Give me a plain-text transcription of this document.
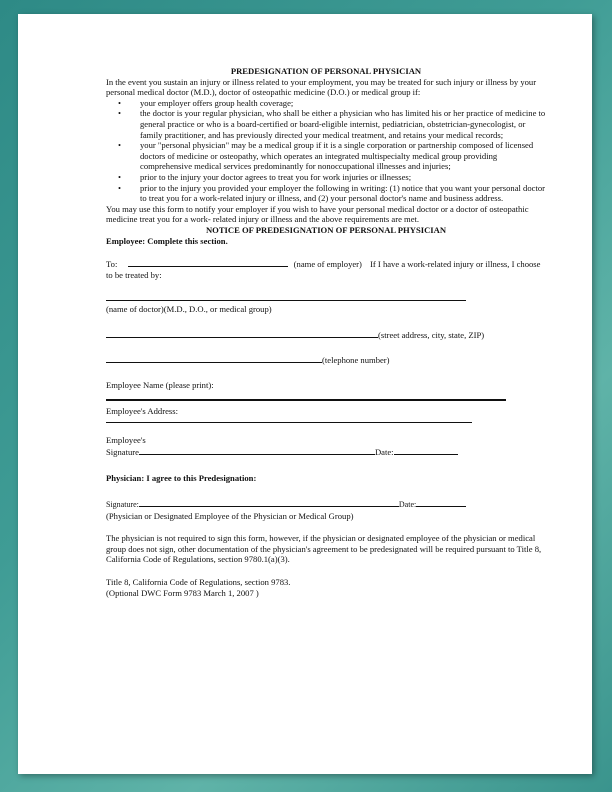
PREDESIGNATION OF PERSONAL PHYSICIAN

In the event you sustain an injury or illness related to your employment, you may be treated for such injury or illness by your personal medical doctor (M.D.), doctor of osteopathic medicine (D.O.) or medical group if:

• your employer offers group health coverage;
• the doctor is your regular physician, who shall be either a physician who has limited his or her practice of medicine to general practice or who is a board-certified or board-eligible internist, pediatrician, obstetrician-gynecologist, or family practitioner, and has previously directed your medical treatment, and retains your medical records;
• your "personal physician" may be a medical group if it is a single corporation or partnership composed of licensed doctors of medicine or osteopathy, which operates an integrated multispecialty medical group providing comprehensive medical services predominantly for nonoccupational illnesses and injuries;
• prior to the injury your doctor agrees to treat you for work injuries or illnesses;
• prior to the injury you provided your employer the following in writing: (1) notice that you want your personal doctor to treat you for a work-related injury or illness, and (2) your personal doctor's name and business address.

You may use this form to notify your employer if you wish to have your personal medical doctor or a doctor of osteopathic medicine treat you for a work- related injury or illness and the above requirements are met.

NOTICE OF PREDESIGNATION OF PERSONAL PHYSICIAN
Employee: Complete this section.
To:	(name of employer) If I have a work-related injury or illness, I choose to be treated by:
(name of doctor)(M.D., D.O., or medical group)
(street address, city, state, ZIP)
(telephone number)
Employee Name (please print):
Employee's Address:
Employee's
Signature	Date:
Physician: I agree to this Predesignation:
Signature:	Date:
(Physician or Designated Employee of the Physician or Medical Group)

The physician is not required to sign this form, however, if the physician or designated employee of the physician or medical group does not sign, other documentation of the physician's agreement to be predesignated will be required pursuant to Title 8, California Code of Regulations, section 9780.1(a)(3).

Title 8, California Code of Regulations, section 9783.
(Optional DWC Form 9783 March 1, 2007 )
